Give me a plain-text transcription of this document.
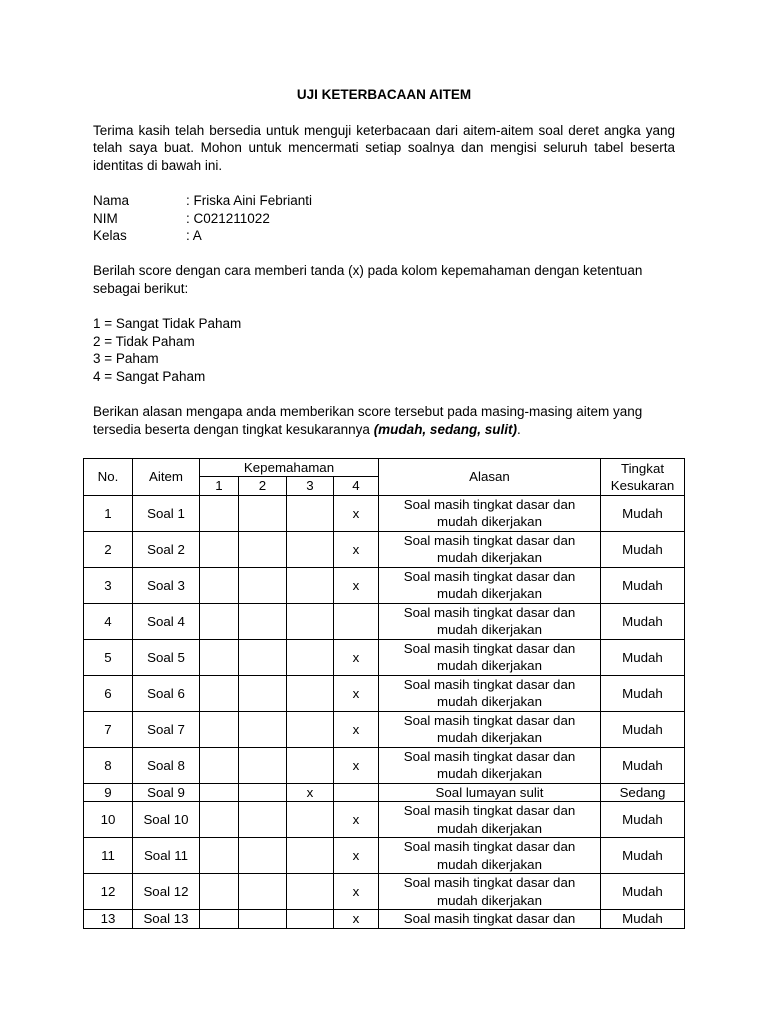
UJI KETERBACAAN AITEM

Terima kasih telah bersedia untuk menguji keterbacaan dari aitem-aitem soal deret angka yang telah saya buat. Mohon untuk mencermati setiap soalnya dan mengisi seluruh tabel beserta identitas di bawah ini.

Nama	: Friska Aini Febrianti
NIM	: C021211022
Kelas	: A

Berilah score dengan cara memberi tanda (x) pada kolom kepemahaman dengan ketentuan sebagai berikut:

1 = Sangat Tidak Paham
2 = Tidak Paham
3 = Paham
4 = Sangat Paham

Berikan alasan mengapa anda memberikan score tersebut pada masing-masing aitem yang tersedia beserta dengan tingkat kesukarannya (mudah, sedang, sulit).

No.	Aitem	Kepemahaman				Alasan	Tingkat
Kesukaran

		1	2	3	4		
1	Soal 1				x	Soal masih tingkat dasar dan
mudah dikerjakan	Mudah
2	Soal 2				x	Soal masih tingkat dasar dan
mudah dikerjakan	Mudah
3	Soal 3				x	Soal masih tingkat dasar dan
mudah dikerjakan	Mudah
4	Soal 4					Soal masih tingkat dasar dan
mudah dikerjakan	Mudah
5	Soal 5				x	Soal masih tingkat dasar dan
mudah dikerjakan	Mudah
6	Soal 6				x	Soal masih tingkat dasar dan
mudah dikerjakan	Mudah
7	Soal 7				x	Soal masih tingkat dasar dan
mudah dikerjakan	Mudah
8	Soal 8				x	Soal masih tingkat dasar dan
mudah dikerjakan	Mudah
9	Soal 9			x		Soal lumayan sulit	Sedang
10	Soal 10				x	Soal masih tingkat dasar dan
mudah dikerjakan	Mudah
11	Soal 11				x	Soal masih tingkat dasar dan
mudah dikerjakan	Mudah
12	Soal 12				x	Soal masih tingkat dasar dan
mudah dikerjakan	Mudah
13	Soal 13				x	Soal masih tingkat dasar dan	Mudah
